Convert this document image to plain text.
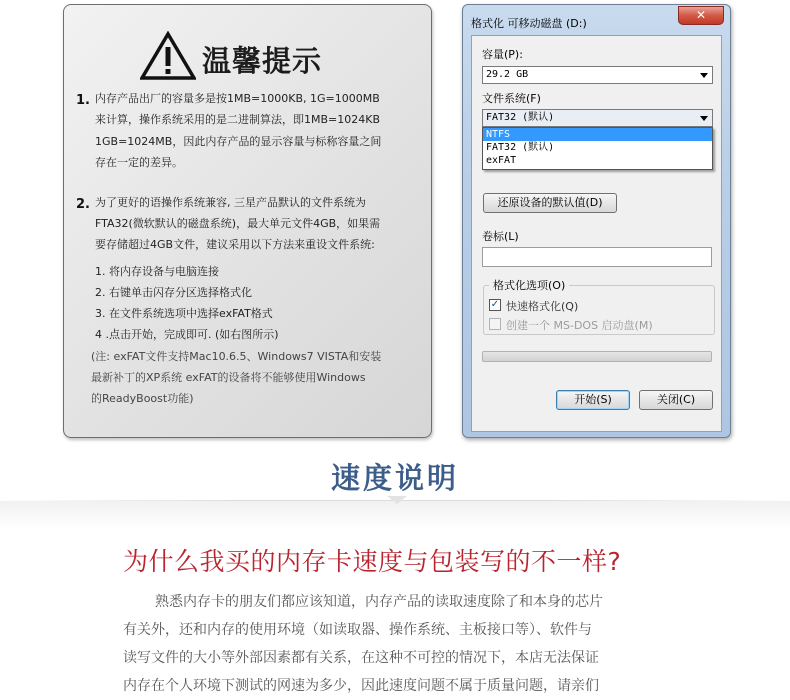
温馨提示
1. 内存产品出厂的容量多是按1MB=1000KB, 1G=1000MB
来计算，操作系统采用的是二进制算法，即1MB=1024KB
1GB=1024MB，因此内存产品的显示容量与标称容量之间
存在一定的差异。
2. 为了更好的语操作系统兼容, 三星产品默认的文件系统为
FTA32(微软默认的磁盘系统)，最大单元文件4GB，如果需
要存储超过4GB文件，建议采用以下方法来重设文件系统:
1. 将内存设备与电脑连接
2. 右键单击闪存分区选择格式化
3. 在文件系统选项中选择exFAT格式
4 .点击开始，完成即可. (如右图所示)
(注: exFAT文件支持Mac10.6.5、Windows7 VISTA和安装
最新补丁的XP系统 exFAT的设备将不能够使用Windows
的ReadyBoost功能)
格式化 可移动磁盘 (D:)
✕
容量(P):
29.2 GB
文件系统(F)
FAT32 (默认)
还原设备的默认值(D)
卷标(L)
格式化选项(O)
✓ 快速格式化(Q)
创建一个 MS-DOS 启动盘(M)
开始(S)	关闭(C)
NTFS
FAT32 (默认)
exFAT
速度说明
为什么我买的内存卡速度与包装写的不一样?
熟悉内存卡的朋友们都应该知道，内存产品的读取速度除了和本身的芯片
有关外，还和内存的使用环境（如读取器、操作系统、主板接口等）、软件与
读写文件的大小等外部因素都有关系，在这种不可控的情况下，本店无法保证
内存在个人环境下测试的网速为多少，因此速度问题不属于质量问题，请亲们
